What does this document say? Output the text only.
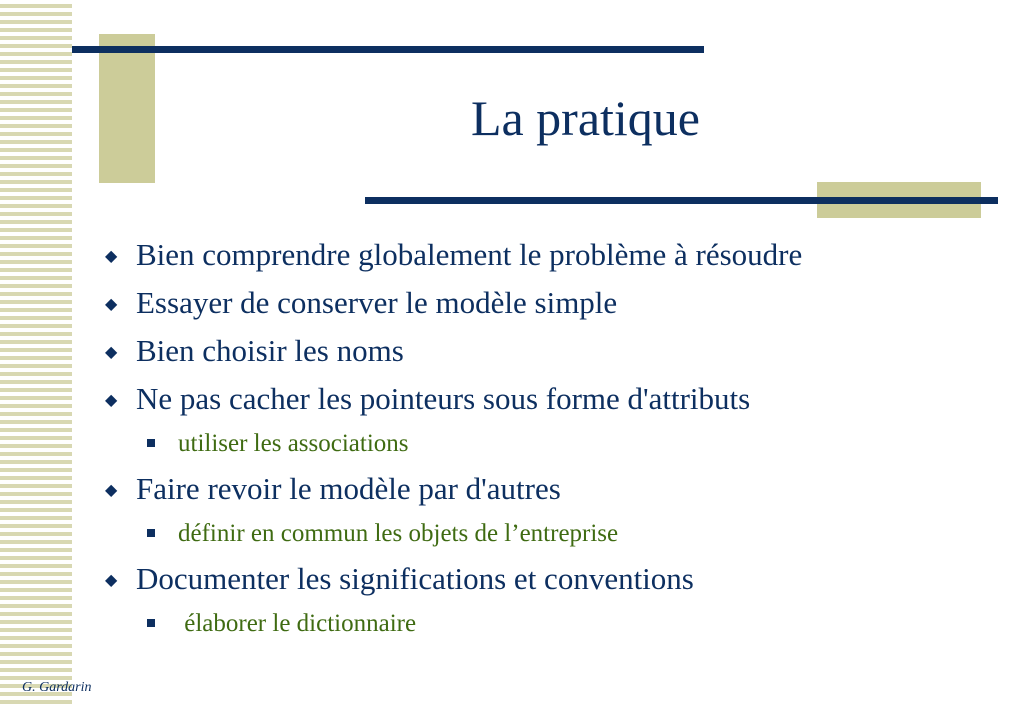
La pratique
◆ Bien comprendre globalement le problème à résoudre
◆ Essayer de conserver le modèle simple
◆ Bien choisir les noms
◆ Ne pas cacher les pointeurs sous forme d'attributs
utiliser les associations
◆ Faire revoir le modèle par d'autres
définir en commun les objets de l’entreprise
◆ Documenter les significations et conventions
élaborer le dictionnaire
G. Gardarin
